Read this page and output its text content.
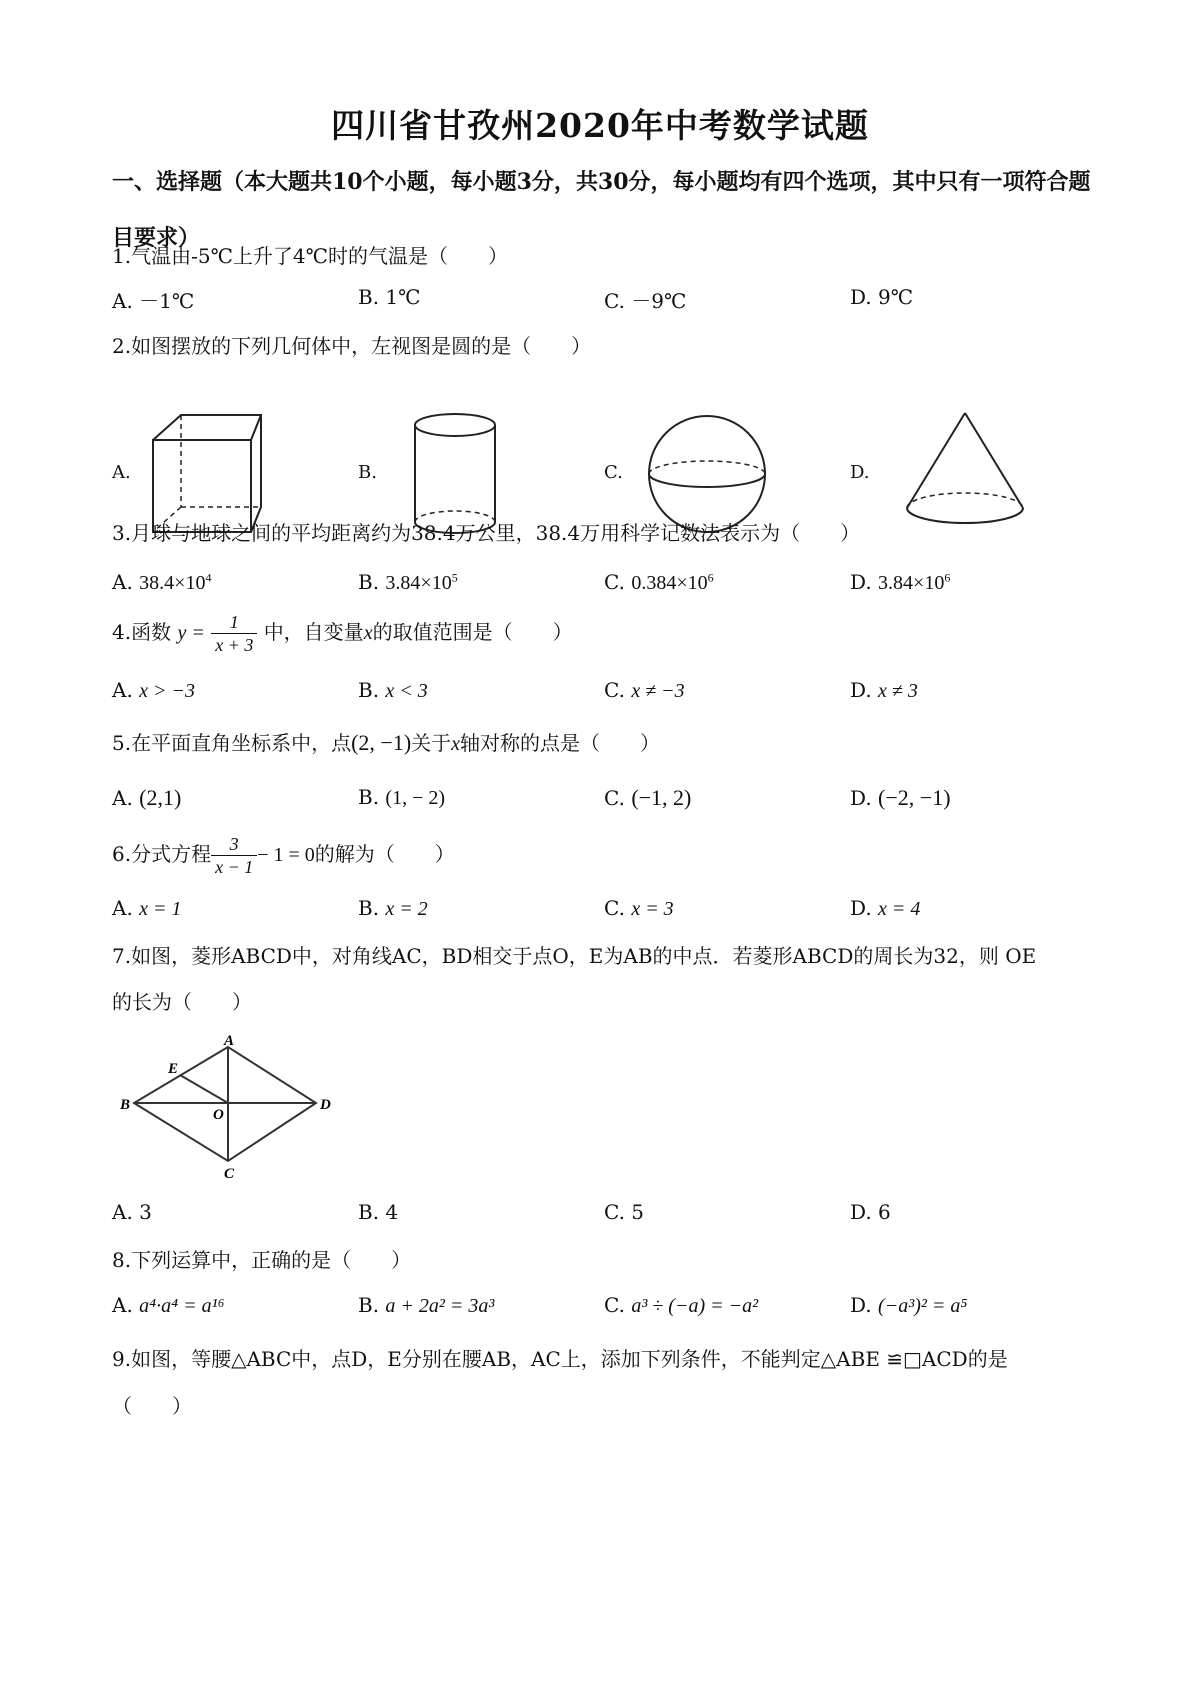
四川省甘孜州2020年中考数学试题
一、选择题（本大题共10个小题，每小题3分，共30分，每小题均有四个选项，其中只有一项符合题目要求）
1.气温由-5℃上升了4℃时的气温是（　　）
A. －1℃	B. 1℃	C. －9℃	D. 9℃
2.如图摆放的下列几何体中，左视图是圆的是（　　）
A.	B.	C.	D.
3.月球与地球之间的平均距离约为38.4万公里，38.4万用科学记数法表示为（　　）
A. $38.4\times 10^4$	B. $3.84\times 10^5$	C. $0.384\times 10^6$	D. $3.84\times 10^6$
4.函数 $y = \frac{1}{x + 3}$ 中，自变量x的取值范围是（　　）
A. x > −3	B. x < 3	C. x ≠ −3	D. x ≠ 3
5.在平面直角坐标系中，点(2, −1)关于x轴对称的点是（　　）
A. (2,1)	B. (1, − 2)	C. (−1, 2)	D. (−2, −1)
6.分式方程 $\frac{3}{x - 1} - 1 = 0$的解为（　　）
A. x = 1	B. x = 2	C. x = 3	D. x = 4
7.如图，菱形ABCD中，对角线AC，BD相交于点O，E为AB的中点．若菱形ABCD的周长为32，则 OE
的长为（　　）
A
B
C
D
E
O
A. 3	B. 4	C. 5	D. 6
8.下列运算中，正确的是（　　）
A. a⁴·a⁴ = a¹⁶	B. a + 2a² = 3a³	C. a³ ÷ (−a) = −a²	D. (−a³)² = a⁵
9.如图，等腰△ABC中，点D，E分别在腰AB，AC上，添加下列条件，不能判定△ABE ≌□ACD的是
（　　）
